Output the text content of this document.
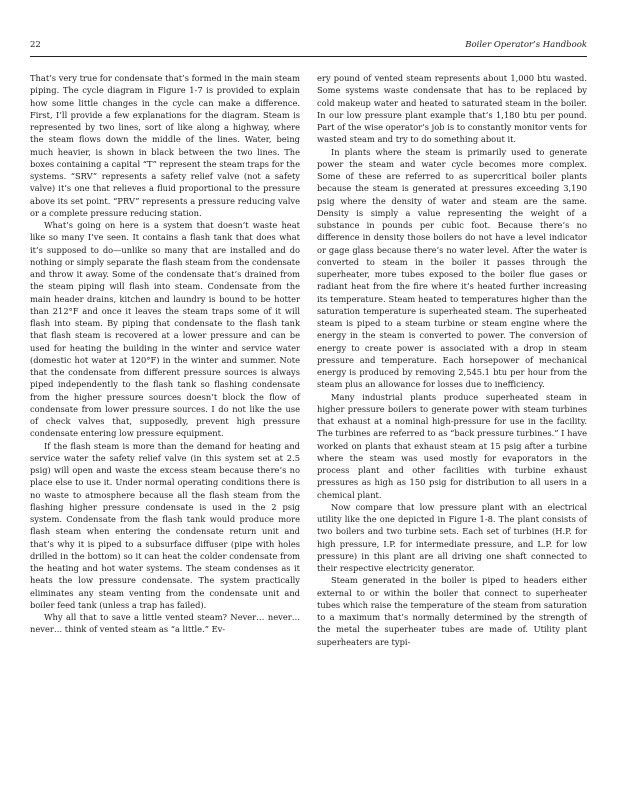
22	Boiler Operator’s Handbook

That’s very true for condensate that’s formed in the main steam piping. The cycle diagram in Figure 1-7 is provided to explain how some little changes in the cycle can make a difference. First, I’ll provide a few explanations for the diagram. Steam is represented by two lines, sort of like along a highway, where the steam flows down the middle of the lines. Water, being much heavier, is shown in black between the two lines. The boxes containing a capital “T” represent the steam traps for the systems. “SRV” represents a safety relief valve (not a safety valve) it’s one that relieves a fluid proportional to the pressure above its set point. “PRV” represents a pressure reducing valve or a complete pressure reducing station.

What’s going on here is a system that doesn’t waste heat like so many I’ve seen. It contains a flash tank that does what it’s supposed to do—unlike so many that are installed and do nothing or simply separate the flash steam from the condensate and throw it away. Some of the condensate that’s drained from the steam piping will flash into steam. Condensate from the main header drains, kitchen and laundry is bound to be hotter than 212°F and once it leaves the steam traps some of it will flash into steam. By piping that condensate to the flash tank that flash steam is recovered at a lower pressure and can be used for heating the building in the winter and service water (domestic hot water at 120°F) in the winter and summer. Note that the condensate from different pressure sources is always piped independently to the flash tank so flashing condensate from the higher pressure sources doesn’t block the flow of condensate from lower pressure sources. I do not like the use of check valves that, supposedly, prevent high pressure condensate entering low pressure equipment.

If the flash steam is more than the demand for heating and service water the safety relief valve (in this system set at 2.5 psig) will open and waste the excess steam because there’s no place else to use it. Under normal operating conditions there is no waste to atmosphere because all the flash steam from the flashing higher pressure condensate is used in the 2 psig system. Condensate from the flash tank would produce more flash steam when entering the condensate return unit and that’s why it is piped to a subsurface diffuser (pipe with holes drilled in the bottom) so it can heat the colder condensate from the heating and hot water systems. The steam condenses as it heats the low pressure condensate. The system practically eliminates any steam venting from the condensate unit and boiler feed tank (unless a trap has failed).

Why all that to save a little vented steam? Never… never… never… think of vented steam as “a little.” Ev-

ery pound of vented steam represents about 1,000 btu wasted. Some systems waste condensate that has to be replaced by cold makeup water and heated to saturated steam in the boiler. In our low pressure plant example that’s 1,180 btu per pound. Part of the wise operator’s job is to constantly monitor vents for wasted steam and try to do something about it.

In plants where the steam is primarily used to generate power the steam and water cycle becomes more complex. Some of these are referred to as supercritical boiler plants because the steam is generated at pressures exceeding 3,190 psig where the density of water and steam are the same. Density is simply a value representing the weight of a substance in pounds per cubic foot. Because there’s no difference in density those boilers do not have a level indicator or gage glass because there’s no water level. After the water is converted to steam in the boiler it passes through the superheater, more tubes exposed to the boiler flue gases or radiant heat from the fire where it’s heated further increasing its temperature. Steam heated to temperatures higher than the saturation temperature is superheated steam. The superheated steam is piped to a steam turbine or steam engine where the energy in the steam is converted to power. The conversion of energy to create power is associated with a drop in steam pressure and temperature. Each horsepower of mechanical energy is produced by removing 2,545.1 btu per hour from the steam plus an allowance for losses due to inefficiency.

Many industrial plants produce superheated steam in higher pressure boilers to generate power with steam turbines that exhaust at a nominal high-pressure for use in the facility. The turbines are referred to as “back pressure turbines.” I have worked on plants that exhaust steam at 15 psig after a turbine where the steam was used mostly for evaporators in the process plant and other facilities with turbine exhaust pressures as high as 150 psig for distribution to all users in a chemical plant.

Now compare that low pressure plant with an electrical utility like the one depicted in Figure 1-8. The plant consists of two boilers and two turbine sets. Each set of turbines (H.P. for high pressure, I.P. for intermediate pressure, and L.P. for low pressure) in this plant are all driving one shaft connected to their respective electricity generator.

Steam generated in the boiler is piped to headers either external to or within the boiler that connect to superheater tubes which raise the temperature of the steam from saturation to a maximum that’s normally determined by the strength of the metal the superheater tubes are made of. Utility plant superheaters are typi-
